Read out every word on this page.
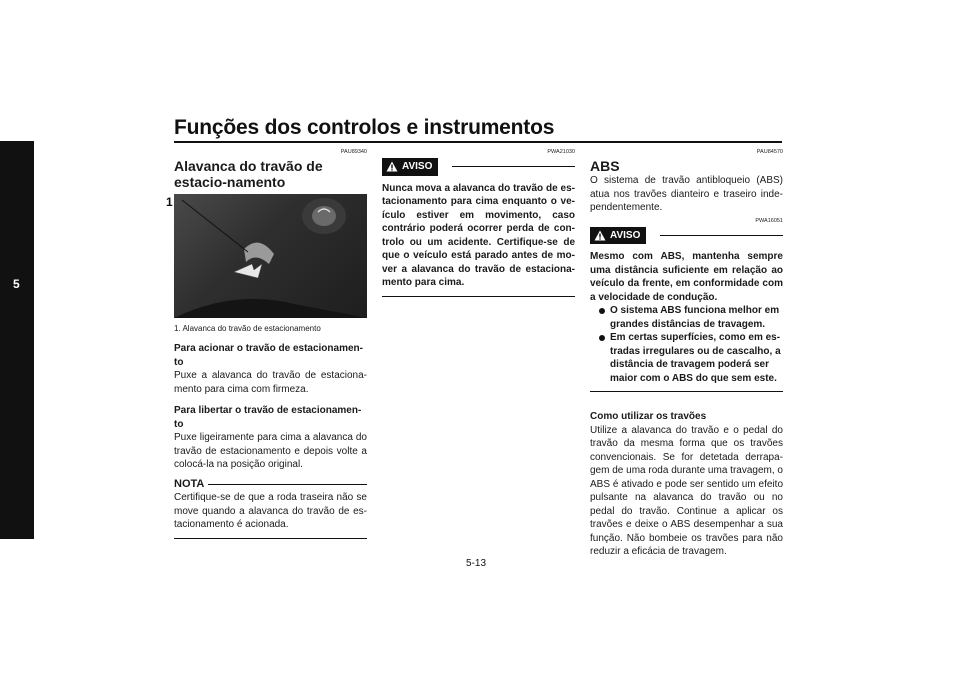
Funções dos controlos e instrumentos
5
PAU89340
Alavanca do travão de estacio-namento
1
1. Alavanca do travão de estacionamento
Para acionar o travão de estacionamen-to
Puxe a alavanca do travão de estaciona-mento para cima com firmeza.
Para libertar o travão de estacionamen-to
Puxe ligeiramente para cima a alavanca do travão de estacionamento e depois volte a colocá-la na posição original.
NOTA
Certifique-se de que a roda traseira não se move quando a alavanca do travão de es-tacionamento é acionada.
PWA21030
AVISO
Nunca mova a alavanca do travão de es-tacionamento para cima enquanto o ve-ículo estiver em movimento, caso contrário poderá ocorrer perda de con-trolo ou um acidente. Certifique-se de que o veículo está parado antes de mo-ver a alavanca do travão de estaciona-mento para cima.
PAU84570
ABS
O sistema de travão antibloqueio (ABS) atua nos travões dianteiro e traseiro inde-pendentemente.
PWA16051
AVISO
Mesmo com ABS, mantenha sempre uma distância suficiente em relação ao veículo da frente, em conformidade com a velocidade de condução.
O sistema ABS funciona melhor em grandes distâncias de travagem.
Em certas superfícies, como em es-tradas irregulares ou de cascalho, a distância de travagem poderá ser maior com o ABS do que sem este.
Como utilizar os travões
Utilize a alavanca do travão e o pedal do travão da mesma forma que os travões convencionais. Se for detetada derrapa-gem de uma roda durante uma travagem, o ABS é ativado e pode ser sentido um efeito pulsante na alavanca do travão ou no pedal do travão. Continue a aplicar os travões e deixe o ABS desempenhar a sua função. Não bombeie os travões para não reduzir a eficácia de travagem.
5-13
